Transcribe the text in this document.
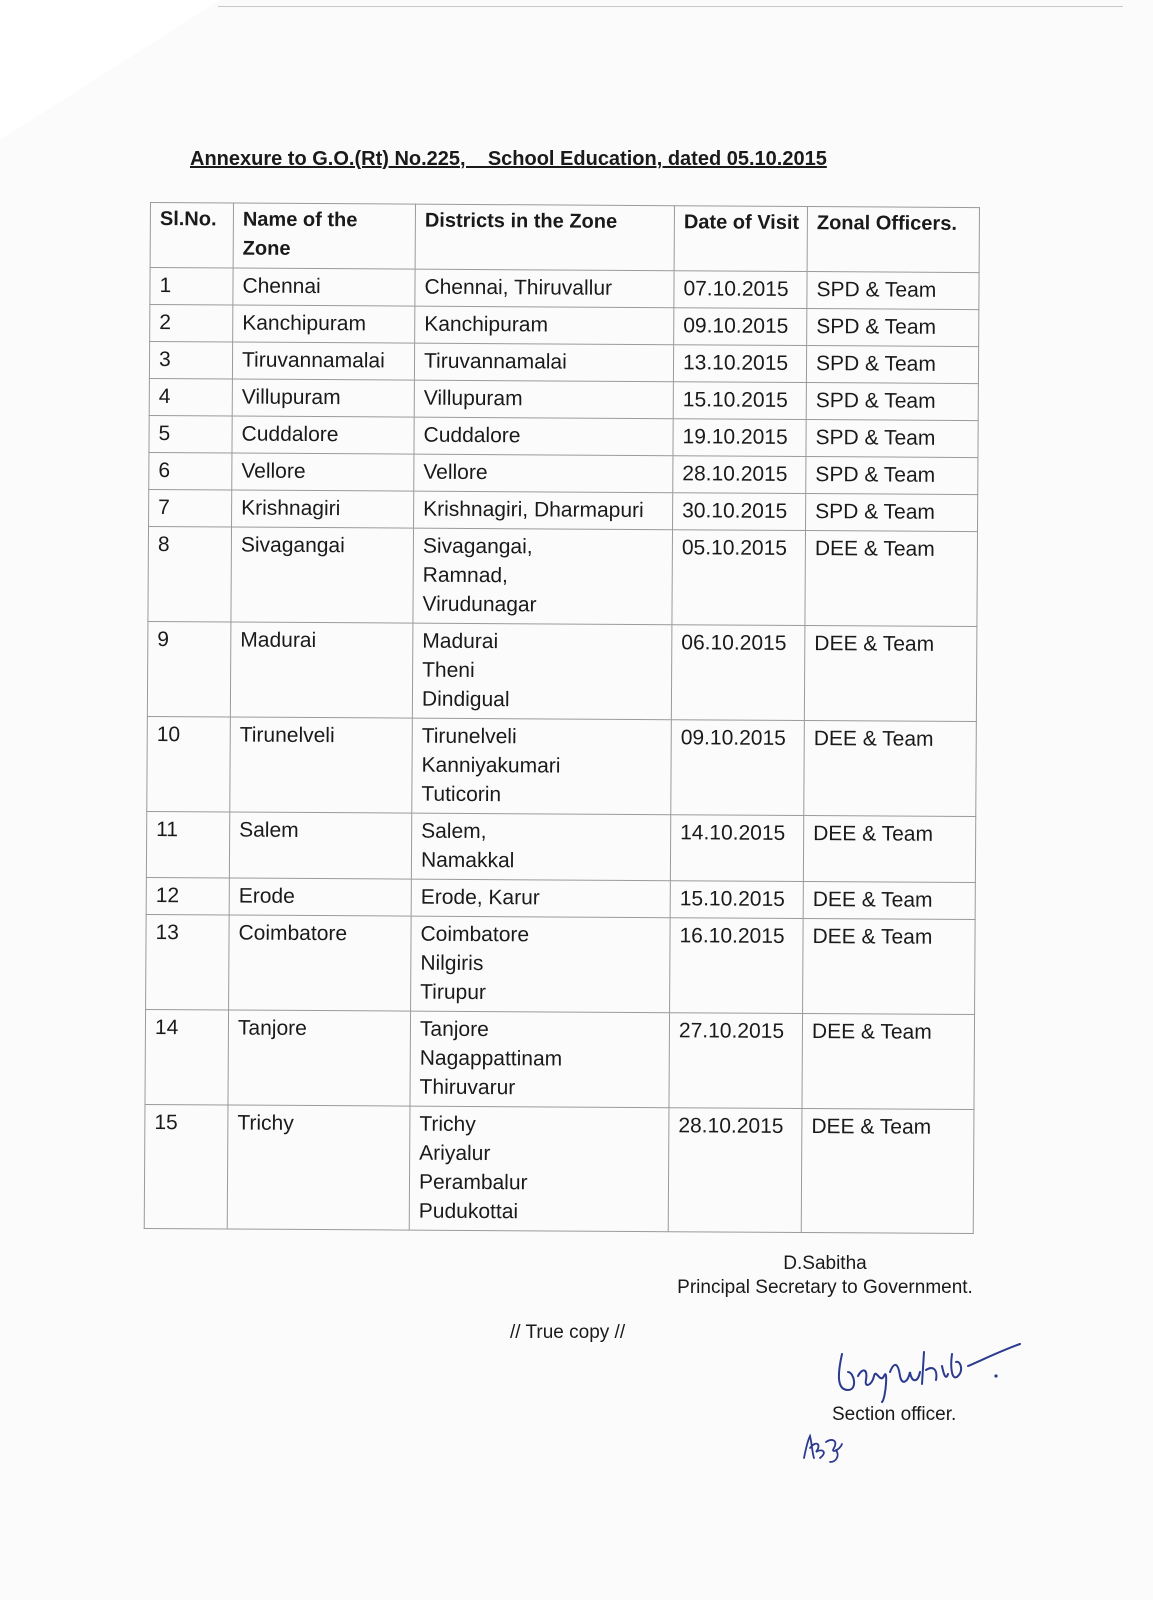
Annexure to G.O.(Rt) No.225,    School Education, dated 05.10.2015
Sl.No.	Name of the Zone	Districts in the Zone	Date of Visit	Zonal Officers.
1	Chennai	Chennai, Thiruvallur	07.10.2015	SPD & Team
2	Kanchipuram	Kanchipuram	09.10.2015	SPD & Team
3	Tiruvannamalai	Tiruvannamalai	13.10.2015	SPD & Team
4	Villupuram	Villupuram	15.10.2015	SPD & Team
5	Cuddalore	Cuddalore	19.10.2015	SPD & Team
6	Vellore	Vellore	28.10.2015	SPD & Team
7	Krishnagiri	Krishnagiri, Dharmapuri	30.10.2015	SPD & Team
8	Sivagangai	Sivagangai,
Ramnad,
Virudunagar	05.10.2015	DEE & Team
9	Madurai	Madurai
Theni
Dindigual	06.10.2015	DEE & Team
10	Tirunelveli	Tirunelveli
Kanniyakumari
Tuticorin	09.10.2015	DEE & Team
11	Salem	Salem,
Namakkal	14.10.2015	DEE & Team
12	Erode	Erode, Karur	15.10.2015	DEE & Team
13	Coimbatore	Coimbatore
Nilgiris
Tirupur	16.10.2015	DEE & Team
14	Tanjore	Tanjore
Nagappattinam
Thiruvarur	27.10.2015	DEE & Team
15	Trichy	Trichy
Ariyalur
Perambalur
Pudukottai	28.10.2015	DEE & Team
D.Sabitha
Principal Secretary to Government.
// True copy //
Section officer.
